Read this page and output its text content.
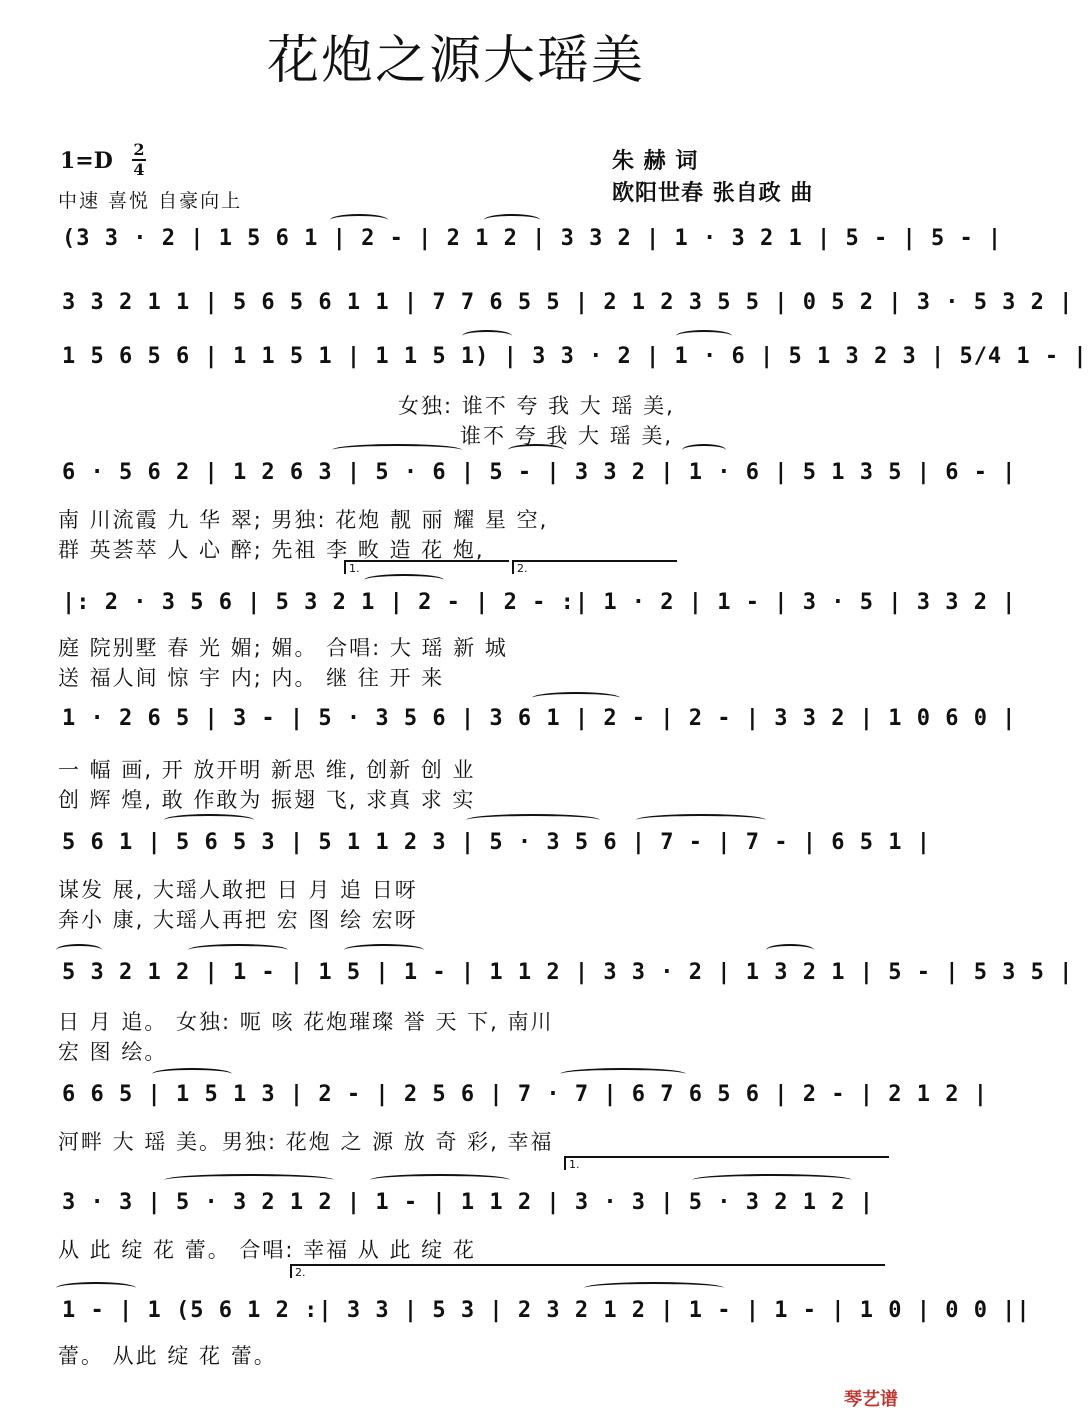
花炮之源大瑶美
1=D 2
4
中速 喜悦 自豪向上
朱 赫 词
欧阳世春 张自政 曲
(3 3 · 2 | 1 5 6 1 | 2 - | 2 1 2 | 3 3 2 | 1 · 3 2 1 | 5 - | 5 - |
3 3 2 1 1 | 5 6 5 6 1 1 | 7 7 6 5 5 | 2 1 2 3 5 5 | 0 5 2 | 3 · 5 3 2 |
1 5 6 5 6 | 1 1 5 1 | 1 1 5 1) | 3 3 · 2 | 1 · 6 | 5 1 3 2 3 | 5/4 1 - |
女独: 谁不 夸 我 大 瑶 美,
谁不 夸 我 大 瑶 美,
6 · 5 6 2 | 1 2 6 3 | 5 · 6 | 5 - | 3 3 2 | 1 · 6 | 5 1 3 5 | 6 - |
南 川流霞 九 华 翠; 男独: 花炮 靓 丽 耀 星 空,
群 英荟萃 人 心 醉; 先祖 李 畋 造 花 炮,
1.	2.
|: 2 · 3 5 6 | 5 3 2 1 | 2 - | 2 - :| 1 · 2 | 1 - | 3 · 5 | 3 3 2 |
庭 院别墅 春 光 媚; 媚。 合唱: 大 瑶 新 城
送 福人间 惊 宇 内; 内。 继 往 开 来
1 · 2 6 5 | 3 - | 5 · 3 5 6 | 3 6 1 | 2 - | 2 - | 3 3 2 | 1 0 6 0 |
一 幅 画, 开 放开明 新思 维, 创新 创 业
创 辉 煌, 敢 作敢为 振翅 飞, 求真 求 实
5 6 1 | 5 6 5 3 | 5 1 1 2 3 | 5 · 3 5 6 | 7 - | 7 - | 6 5 1 |
谋发 展, 大瑶人敢把 日 月 追 日呀
奔小 康, 大瑶人再把 宏 图 绘 宏呀
5 3 2 1 2 | 1 - | 1 5 | 1 - | 1 1 2 | 3 3 · 2 | 1 3 2 1 | 5 - | 5 3 5 |
日 月 追。 女独: 呃 咳 花炮璀璨 誉 天 下, 南川
宏 图 绘。
6 6 5 | 1 5 1 3 | 2 - | 2 5 6 | 7 · 7 | 6 7 6 5 6 | 2 - | 2 1 2 |
河畔 大 瑶 美。男独: 花炮 之 源 放 奇 彩, 幸福
1.
3 · 3 | 5 · 3 2 1 2 | 1 - | 1 1 2 | 3 · 3 | 5 · 3 2 1 2 |
从 此 绽 花 蕾。 合唱: 幸福 从 此 绽 花
2.
1 - | 1 (5 6 1 2 :| 3 3 | 5 3 | 2 3 2 1 2 | 1 - | 1 - | 1 0 | 0 0 ||
蕾。 从此 绽 花 蕾。
琴艺谱
